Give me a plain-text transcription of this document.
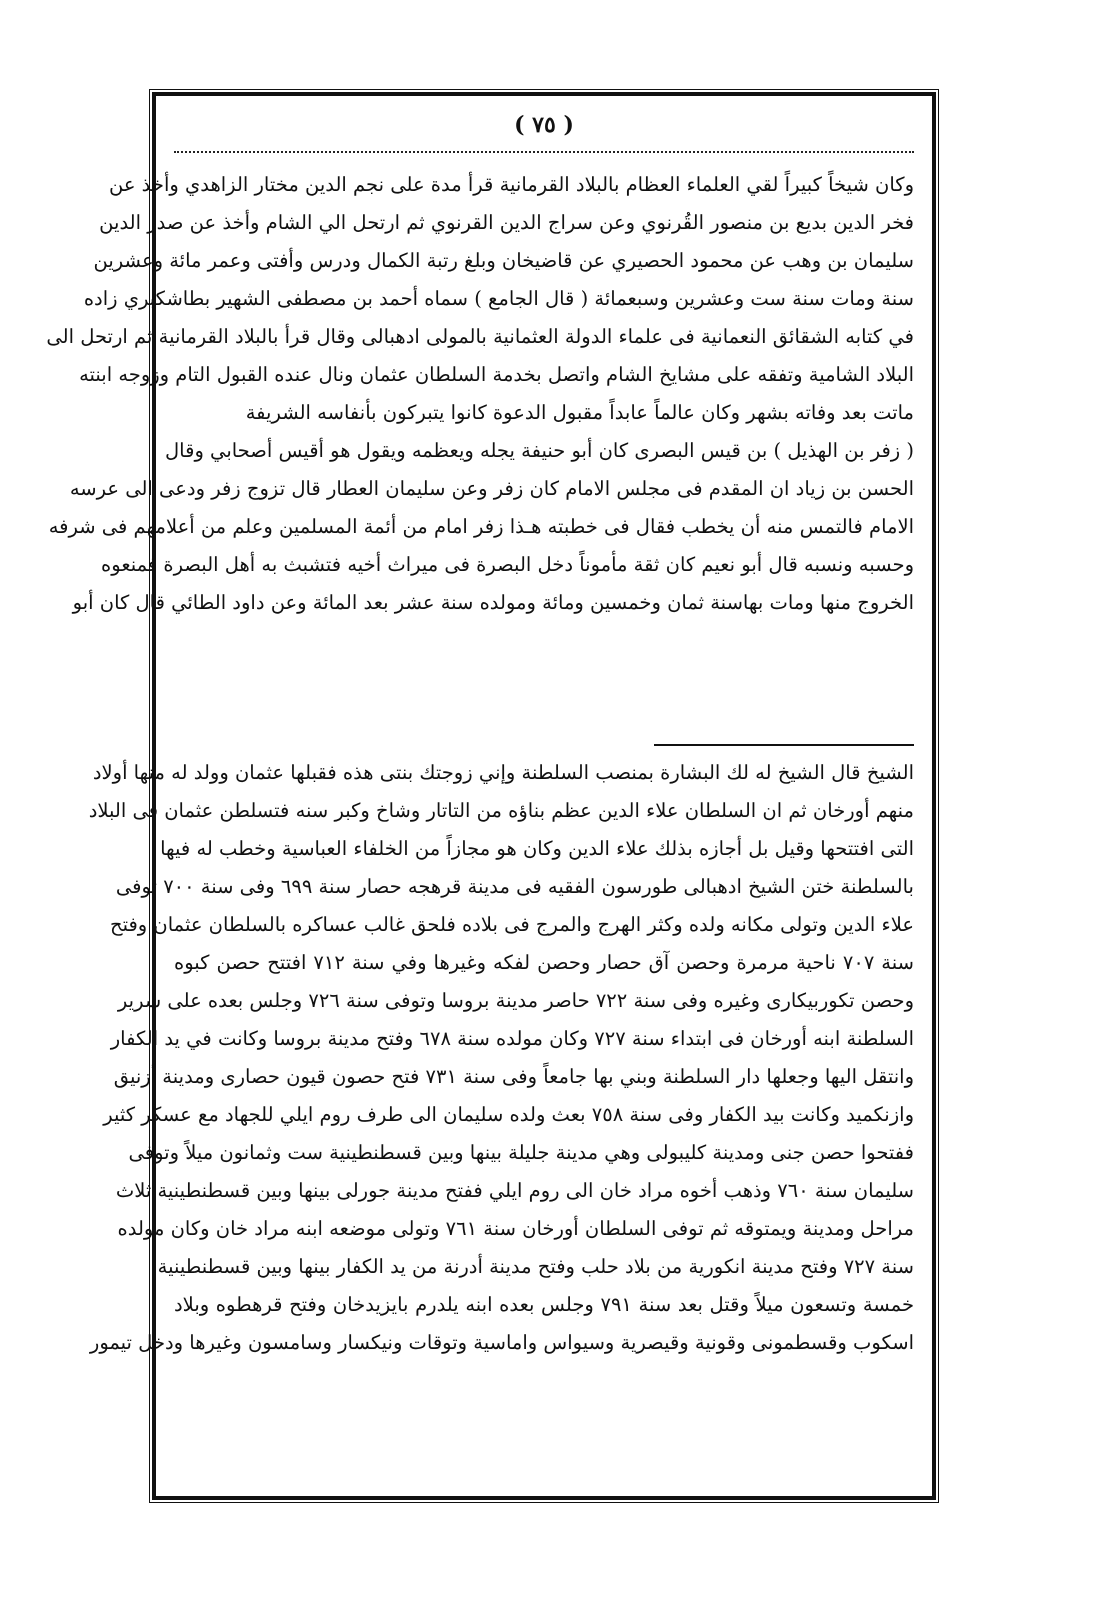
( ٧٥ )
وكان شيخاً كبيراً لقي العلماء العظام بالبلاد القرمانية قرأ مدة على نجم الدين مختار الزاهدي وأخذ عن
فخر الدين بديع بن منصور القُرنوي وعن سراج الدين القرنوي ثم ارتحل الي الشام وأخذ عن صدر الدين
سليمان بن وهب عن محمود الحصيري عن قاضيخان وبلغ رتبة الكمال ودرس وأفتى وعمر مائة وعشرين
سنة ومات سنة ست وعشرين وسبعمائة ( قال الجامع ) سماه أحمد بن مصطفى الشهير بطاشكبري زاده
في كتابه الشقائق النعمانية فى علماء الدولة العثمانية بالمولى ادهبالى وقال قرأ بالبلاد القرمانية ثم ارتحل الى
البلاد الشامية وتفقه على مشايخ الشام واتصل بخدمة السلطان عثمان ونال عنده القبول التام وزوجه ابنته
ماتت بعد وفاته بشهر وكان عالماً عابداً مقبول الدعوة كانوا يتبركون بأنفاسه الشريفة
( زفر بن الهذيل ) بن قيس البصرى كان أبو حنيفة يجله ويعظمه ويقول هو أقيس أصحابي وقال
الحسن بن زياد ان المقدم فى مجلس الامام كان زفر وعن سليمان العطار قال تزوج زفر ودعى الى عرسه
الامام فالتمس منه أن يخطب فقال فى خطبته هـذا زفر امام من أئمة المسلمين وعلم من أعلامهم فى شرفه
وحسبه ونسبه قال أبو نعيم كان ثقة مأموناً دخل البصرة فى ميراث أخيه فتشبث به أهل البصرة فمنعوه
الخروج منها ومات بهاسنة ثمان وخمسين ومائة ومولده سنة عشر بعد المائة وعن داود الطائي قال كان أبو
الشيخ قال الشيخ له لك البشارة بمنصب السلطنة وإني زوجتك بنتى هذه فقبلها عثمان وولد له منها أولاد
منهم أورخان ثم ان السلطان علاء الدين عظم بناؤه من التاتار وشاخ وكبر سنه فتسلطن عثمان فى البلاد
التى افتتحها وقيل بل أجازه بذلك علاء الدين وكان هو مجازاً من الخلفاء العباسية وخطب له فيها
بالسلطنة ختن الشيخ ادهبالى طورسون الفقيه فى مدينة قرهجه حصار سنة ٦٩٩ وفى سنة ٧٠٠ توفى
علاء الدين وتولى مكانه ولده وكثر الهرج والمرج فى بلاده فلحق غالب عساكره بالسلطان عثمان وفتح
سنة ٧٠٧ ناحية مرمرة وحصن آق حصار وحصن لفكه وغيرها وفي سنة ٧١٢ افتتح حصن كبوه
وحصن تكوربيكارى وغيره وفى سنة ٧٢٢ حاصر مدينة بروسا وتوفى سنة ٧٢٦ وجلس بعده على سرير
السلطنة ابنه أورخان فى ابتداء سنة ٧٢٧ وكان مولده سنة ٦٧٨ وفتح مدينة بروسا وكانت في يد الكفار
وانتقل اليها وجعلها دار السلطنة وبني بها جامعاً وفى سنة ٧٣١ فتح حصون قيون حصارى ومدينة أزنيق
وازنكميد وكانت بيد الكفار وفى سنة ٧٥٨ بعث ولده سليمان الى طرف روم ايلي للجهاد مع عسكر كثير
ففتحوا حصن جنى ومدينة كليبولى وهي مدينة جليلة بينها وبين قسطنطينية ست وثمانون ميلاً وتوفى
سليمان سنة ٧٦٠ وذهب أخوه مراد خان الى روم ايلي ففتح مدينة جورلى بينها وبين قسطنطينية ثلاث
مراحل ومدينة ويمتوقه ثم توفى السلطان أورخان سنة ٧٦١ وتولى موضعه ابنه مراد خان وكان مولده
سنة ٧٢٧ وفتح مدينة انكورية من بلاد حلب وفتح مدينة أدرنة من يد الكفار بينها وبين قسطنطينية
خمسة وتسعون ميلاً وقتل بعد سنة ٧٩١ وجلس بعده ابنه يلدرم بايزيدخان وفتح قرهطوه وبلاد
اسكوب وقسطمونى وقونية وقيصرية وسيواس واماسية وتوقات ونيكسار وسامسون وغيرها ودخل تيمور
